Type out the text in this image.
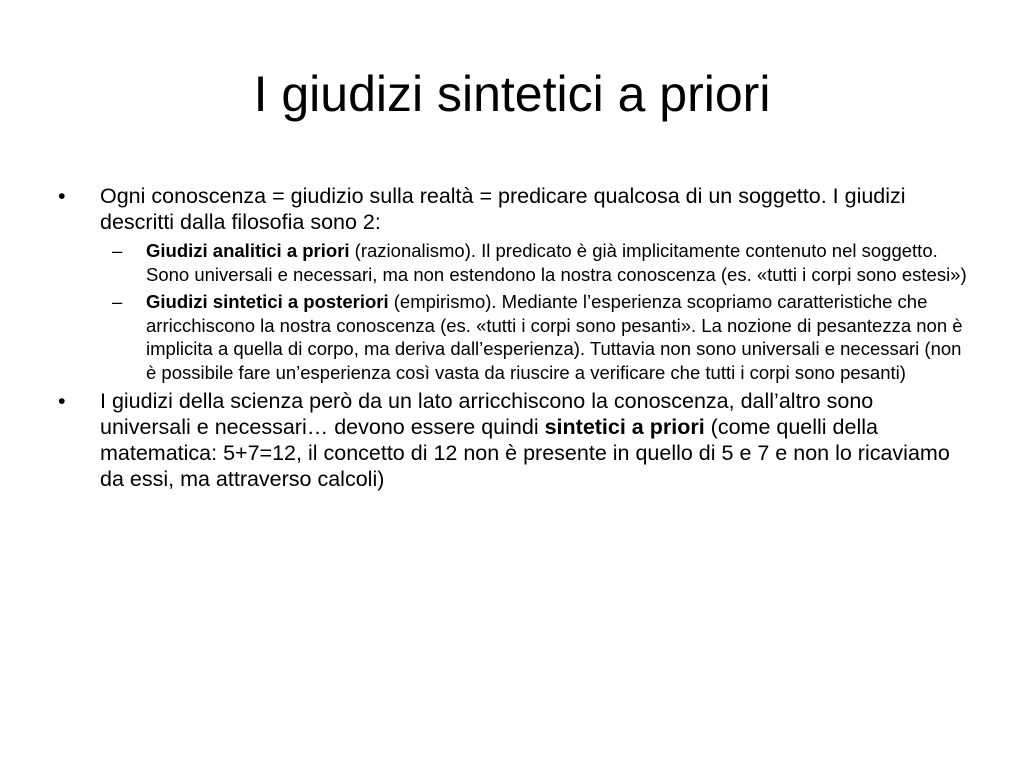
I giudizi sintetici a priori
•	Ogni conoscenza = giudizio sulla realtà = predicare qualcosa di un soggetto. I giudizi descritti dalla filosofia sono 2:
– Giudizi analitici a priori (razionalismo). Il predicato è già implicitamente contenuto nel soggetto. Sono universali e necessari, ma non estendono la nostra conoscenza (es. «tutti i corpi sono estesi»)
– Giudizi sintetici a posteriori (empirismo). Mediante l’esperienza scopriamo caratteristiche che arricchiscono la nostra conoscenza (es. «tutti i corpi sono pesanti». La nozione di pesantezza non è implicita a quella di corpo, ma deriva dall’esperienza). Tuttavia non sono universali e necessari (non è possibile fare un’esperienza così vasta da riuscire a verificare che tutti i corpi sono pesanti)
•	I giudizi della scienza però da un lato arricchiscono la conoscenza, dall’altro sono universali e necessari… devono essere quindi sintetici a priori (come quelli della matematica: 5+7=12, il concetto di 12 non è presente in quello di 5 e 7 e non lo ricaviamo da essi, ma attraverso calcoli)
